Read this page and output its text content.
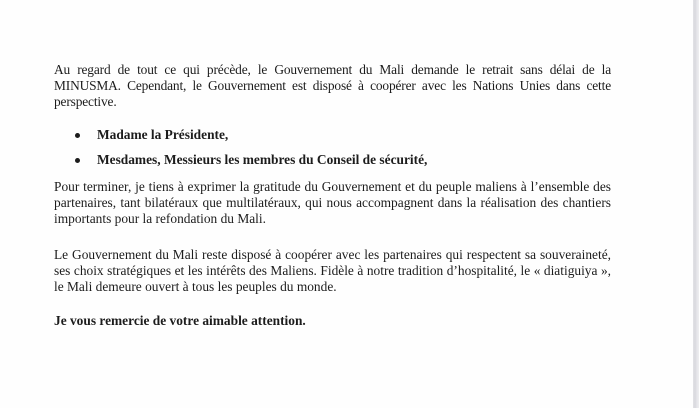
Au regard de tout ce qui précède, le Gouvernement du Mali demande le retrait sans délai de la MINUSMA. Cependant, le Gouvernement est disposé à coopérer avec les Nations Unies dans cette perspective.

Madame la Présidente,
Mesdames, Messieurs les membres du Conseil de sécurité,

Pour terminer, je tiens à exprimer la gratitude du Gouvernement et du peuple maliens à l’ensemble des partenaires, tant bilatéraux que multilatéraux, qui nous accompagnent dans la réalisation des chantiers importants pour la refondation du Mali.

Le Gouvernement du Mali reste disposé à coopérer avec les partenaires qui respectent sa souveraineté, ses choix stratégiques et les intérêts des Maliens. Fidèle à notre tradition d’hospitalité, le « diatiguiya », le Mali demeure ouvert à tous les peuples du monde.

Je vous remercie de votre aimable attention.
